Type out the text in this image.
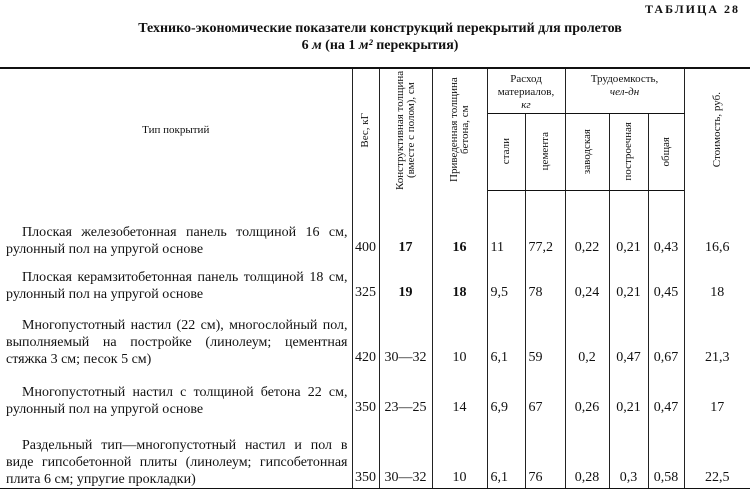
ТАБЛИЦА 28
Технико-экономические показатели конструкций перекрытий для пролетов
6 м (на 1 м² перекрытия)
Тип покрытий	Вес, кГ	Конструктивная толщина (вместе с полом), см	Приведенная толщина бетона, см	Расход материалов,
кг		Трудоемкость,
чел-дн			Стоимость, руб.

				стали	цемента	заводская	построечная	общая	

Плоская железобетонная панель толщиной 16 см, рулонный пол на упругой основе	400	17	16	11	77,2	0,22	0,21	0,43	16,6

Плоская керамзитобетонная панель толщиной 18 см, рулонный пол на упругой основе	325	19	18	9,5	78	0,24	0,21	0,45	18

Многопустотный настил (22 см), многослойный пол, выполняемый на постройке (линолеум; цементная стяжка 3 см; песок 5 см)	420	30—32	10	6,1	59	0,2	0,47	0,67	21,3

Многопустотный настил с толщиной бетона 22 см, рулонный пол на упругой основе	350	23—25	14	6,9	67	0,26	0,21	0,47	17

Раздельный тип—многопустотный настил и пол в виде гипсобетонной плиты (линолеум; гипсобетонная плита 6 см; упругие прокладки)	350	30—32	10	6,1	76	0,28	0,3	0,58	22,5
